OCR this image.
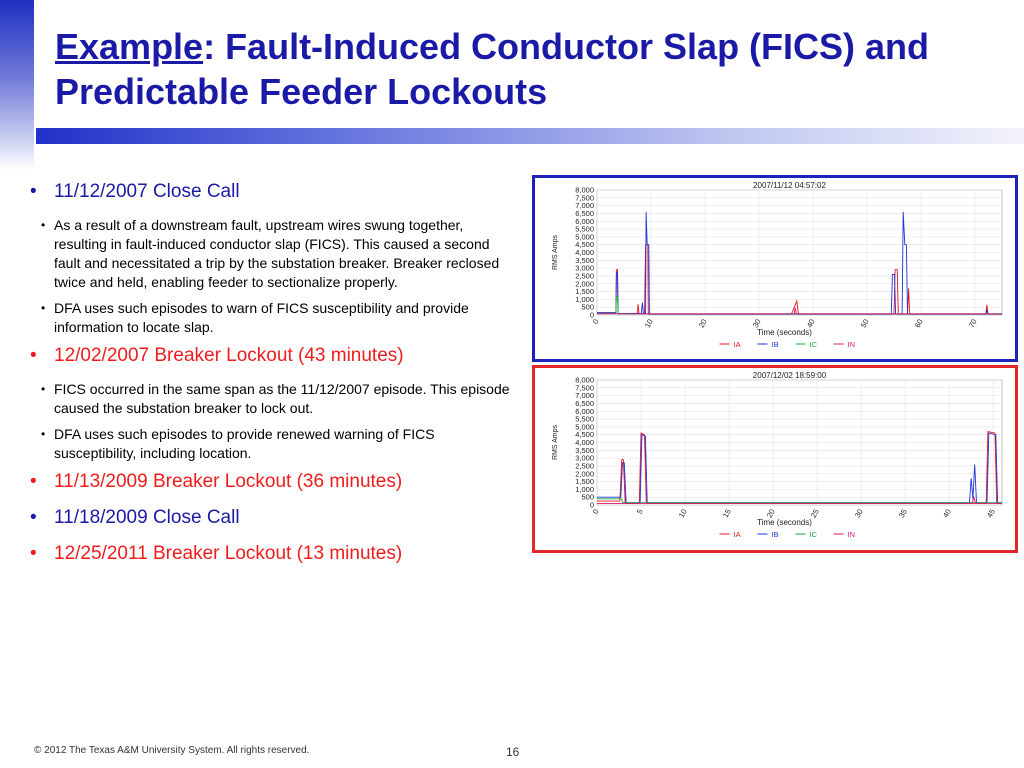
Example: Fault-Induced Conductor Slap (FICS) and Predictable Feeder Lockouts
• 11/12/2007 Close Call
• As a result of a downstream fault, upstream wires swung together, resulting in fault-induced conductor slap (FICS). This caused a second fault and necessitated a trip by the substation breaker. Breaker reclosed twice and held, enabling feeder to sectionalize properly.
• DFA uses such episodes to warn of FICS susceptibility and provide information to locate slap.
• 12/02/2007 Breaker Lockout (43 minutes)
• FICS occurred in the same span as the 11/12/2007 episode. This episode caused the substation breaker to lock out.
• DFA uses such episodes to provide renewed warning of FICS susceptibility, including location.
• 11/13/2009 Breaker Lockout (36 minutes)
• 11/18/2009 Close Call
• 12/25/2011 Breaker Lockout (13 minutes)
2007/11/12 04:57:02
8,000
7,500
7,000
6,500
6,000
5,500
5,000
4,500
4,000
3,500
3,000
2,500
2,000
1,500
1,000
500
0
0	10	20	30	40	50	60	70
RMS Amps
Time (seconds)
IA	IB	IC	IN
2007/12/02 18:59:00
8,000
7,500
7,000
6,500
6,000
5,500
5,000
4,500
4,000
3,500
3,000
2,500
2,000
1,500
1,000
500
0
0	5	10	15	20	25	30	35	40	45
RMS Amps
Time (seconds)
IA	IB	IC	IN
© 2012 The Texas A&M University System. All rights reserved.	16
